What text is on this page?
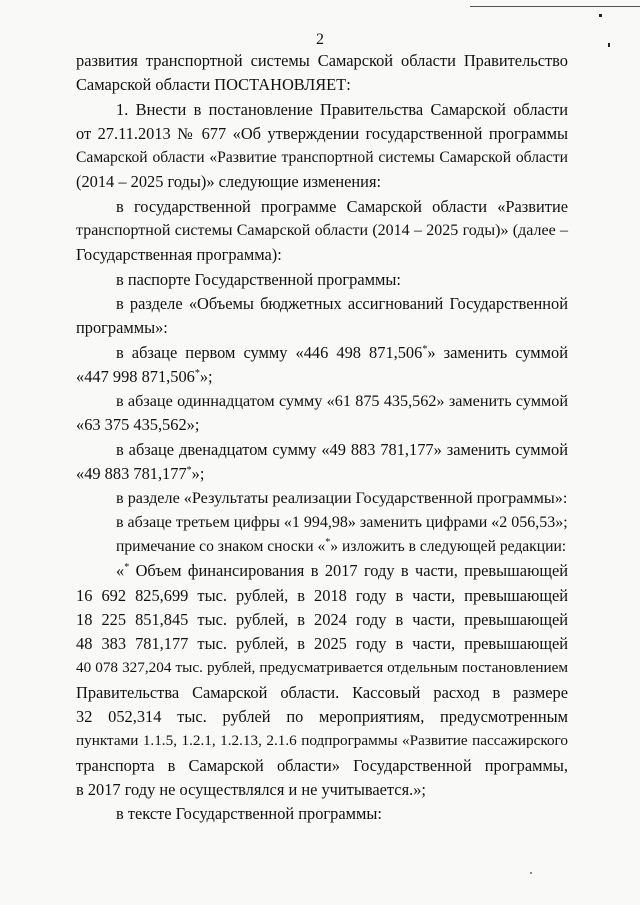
2
развития транспортной системы Самарской области Правительство
Самарской области ПОСТАНОВЛЯЕТ:
1. Внести в постановление Правительства Самарской области
от 27.11.2013 № 677 «Об утверждении государственной программы
Самарской области «Развитие транспортной системы Самарской области
(2014 – 2025 годы)» следующие изменения:
в государственной программе Самарской области «Развитие
транспортной системы Самарской области (2014 – 2025 годы)» (далее –
Государственная программа):
в паспорте Государственной программы:
в разделе «Объемы бюджетных ассигнований Государственной
программы»:
в абзаце первом сумму «446 498 871,506*» заменить суммой
«447 998 871,506*»;
в абзаце одиннадцатом сумму «61 875 435,562» заменить суммой
«63 375 435,562»;
в абзаце двенадцатом сумму «49 883 781,177» заменить суммой
«49 883 781,177*»;
в разделе «Результаты реализации Государственной программы»:
в абзаце третьем цифры «1 994,98» заменить цифрами «2 056,53»;
примечание со знаком сноски «*» изложить в следующей редакции:
«* Объем финансирования в 2017 году в части, превышающей
16 692 825,699 тыс. рублей, в 2018 году в части, превышающей
18 225 851,845 тыс. рублей, в 2024 году в части, превышающей
48 383 781,177 тыс. рублей, в 2025 году в части, превышающей
40 078 327,204 тыс. рублей, предусматривается отдельным постановлением
Правительства Самарской области. Кассовый расход в размере
32 052,314 тыс. рублей по мероприятиям, предусмотренным
пунктами 1.1.5, 1.2.1, 1.2.13, 2.1.6 подпрограммы «Развитие пассажирского
транспорта в Самарской области» Государственной программы,
в 2017 году не осуществлялся и не учитывается.»;
в тексте Государственной программы:
